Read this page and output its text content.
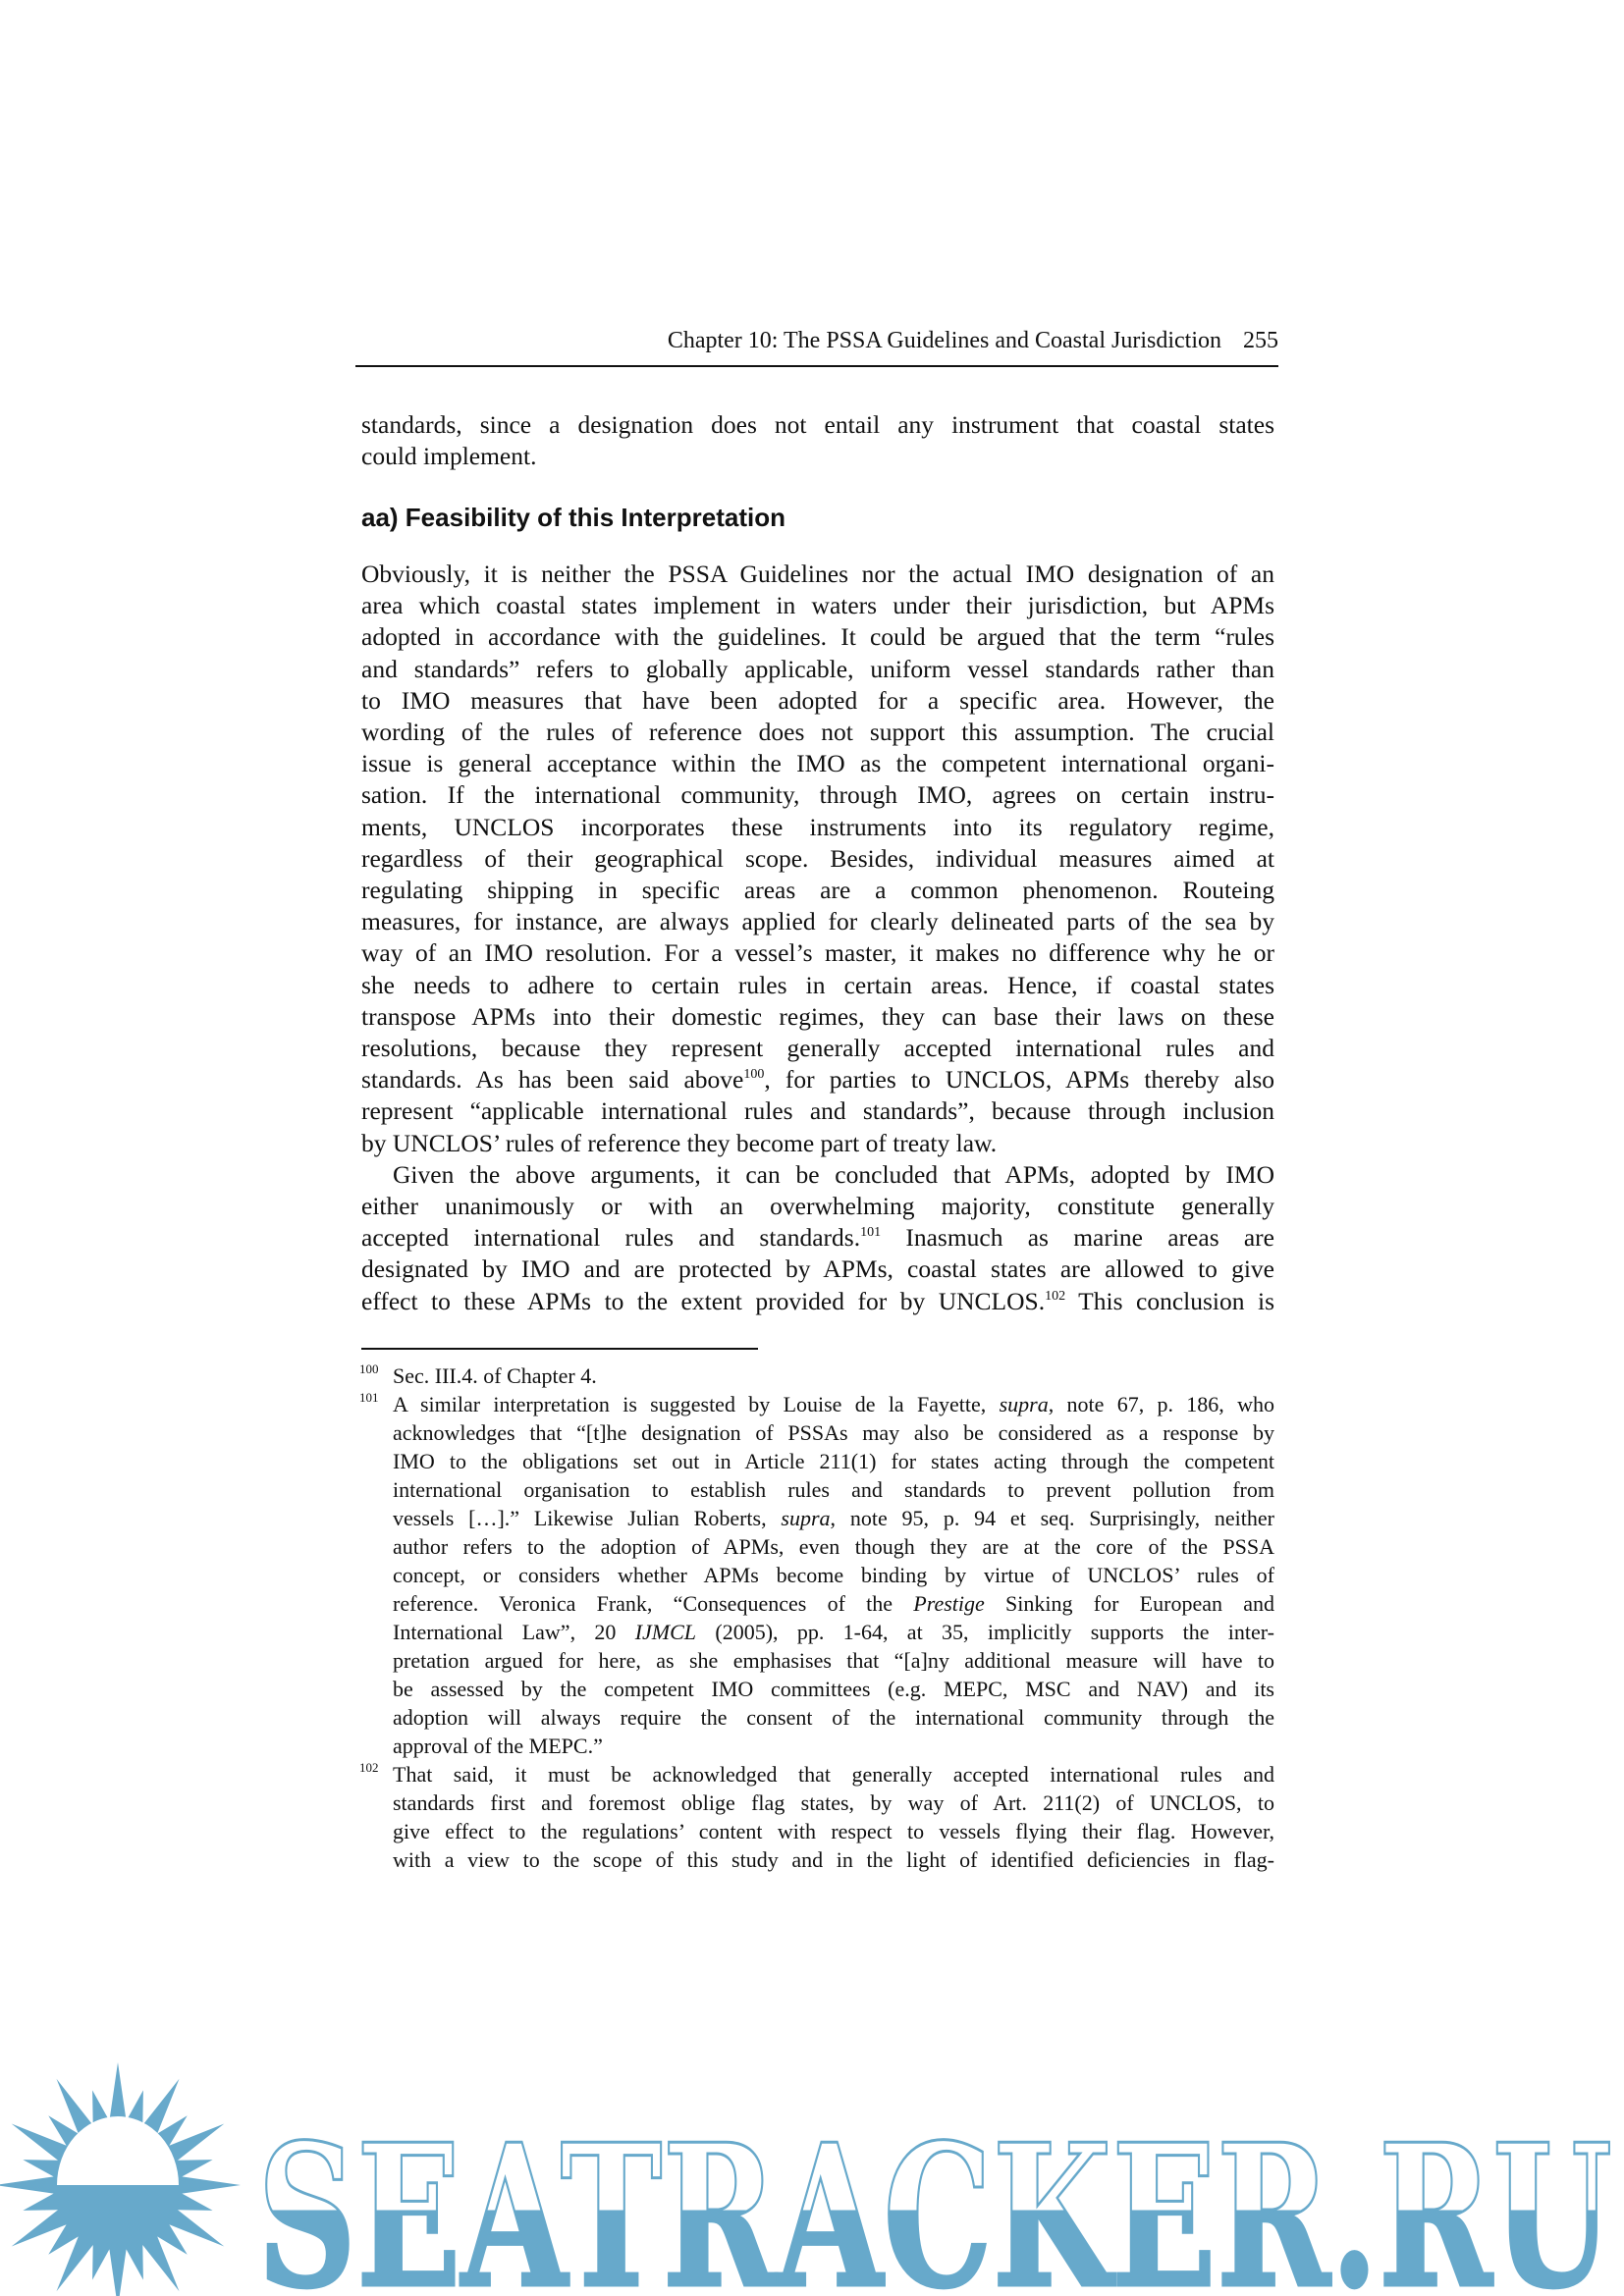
Chapter 10: The PSSA Guidelines and Coastal Jurisdiction 255
standards, since a designation does not entail any instrument that coastal states
could implement.
aa) Feasibility of this Interpretation
Obviously, it is neither the PSSA Guidelines nor the actual IMO designation of an
area which coastal states implement in waters under their jurisdiction, but APMs
adopted in accordance with the guidelines. It could be argued that the term “rules
and standards” refers to globally applicable, uniform vessel standards rather than
to IMO measures that have been adopted for a specific area. However, the
wording of the rules of reference does not support this assumption. The crucial
issue is general acceptance within the IMO as the competent international organi-
sation. If the international community, through IMO, agrees on certain instru-
ments, UNCLOS incorporates these instruments into its regulatory regime,
regardless of their geographical scope. Besides, individual measures aimed at
regulating shipping in specific areas are a common phenomenon. Routeing
measures, for instance, are always applied for clearly delineated parts of the sea by
way of an IMO resolution. For a vessel’s master, it makes no difference why he or
she needs to adhere to certain rules in certain areas. Hence, if coastal states
transpose APMs into their domestic regimes, they can base their laws on these
resolutions, because they represent generally accepted international rules and
standards. As has been said above$^{100}$, for parties to UNCLOS, APMs thereby also
represent “applicable international rules and standards”, because through inclusion
by UNCLOS’ rules of reference they become part of treaty law.
Given the above arguments, it can be concluded that APMs, adopted by IMO
either unanimously or with an overwhelming majority, constitute generally
accepted international rules and standards.$^{101}$ Inasmuch as marine areas are
designated by IMO and are protected by APMs, coastal states are allowed to give
effect to these APMs to the extent provided for by UNCLOS.$^{102}$ This conclusion is
100
101
102
Sec. III.4. of Chapter 4.
A similar interpretation is suggested by Louise de la Fayette, supra, note 67, p. 186, who
acknowledges that “[t]he designation of PSSAs may also be considered as a response by
IMO to the obligations set out in Article 211(1) for states acting through the competent
international organisation to establish rules and standards to prevent pollution from
vessels […].” Likewise Julian Roberts, supra, note 95, p. 94 et seq. Surprisingly, neither
author refers to the adoption of APMs, even though they are at the core of the PSSA
concept, or considers whether APMs become binding by virtue of UNCLOS’ rules of
reference. Veronica Frank, “Consequences of the Prestige Sinking for European and
International Law”, 20 IJMCL (2005), pp. 1-64, at 35, implicitly supports the inter-
pretation argued for here, as she emphasises that “[a]ny additional measure will have to
be assessed by the competent IMO committees (e.g. MEPC, MSC and NAV) and its
adoption will always require the consent of the international community through the
approval of the MEPC.”
That said, it must be acknowledged that generally accepted international rules and
standards first and foremost oblige flag states, by way of Art. 211(2) of UNCLOS, to
give effect to the regulations’ content with respect to vessels flying their flag. However,
with a view to the scope of this study and in the light of identified deficiencies in flag-
SEATRACKER.RU
